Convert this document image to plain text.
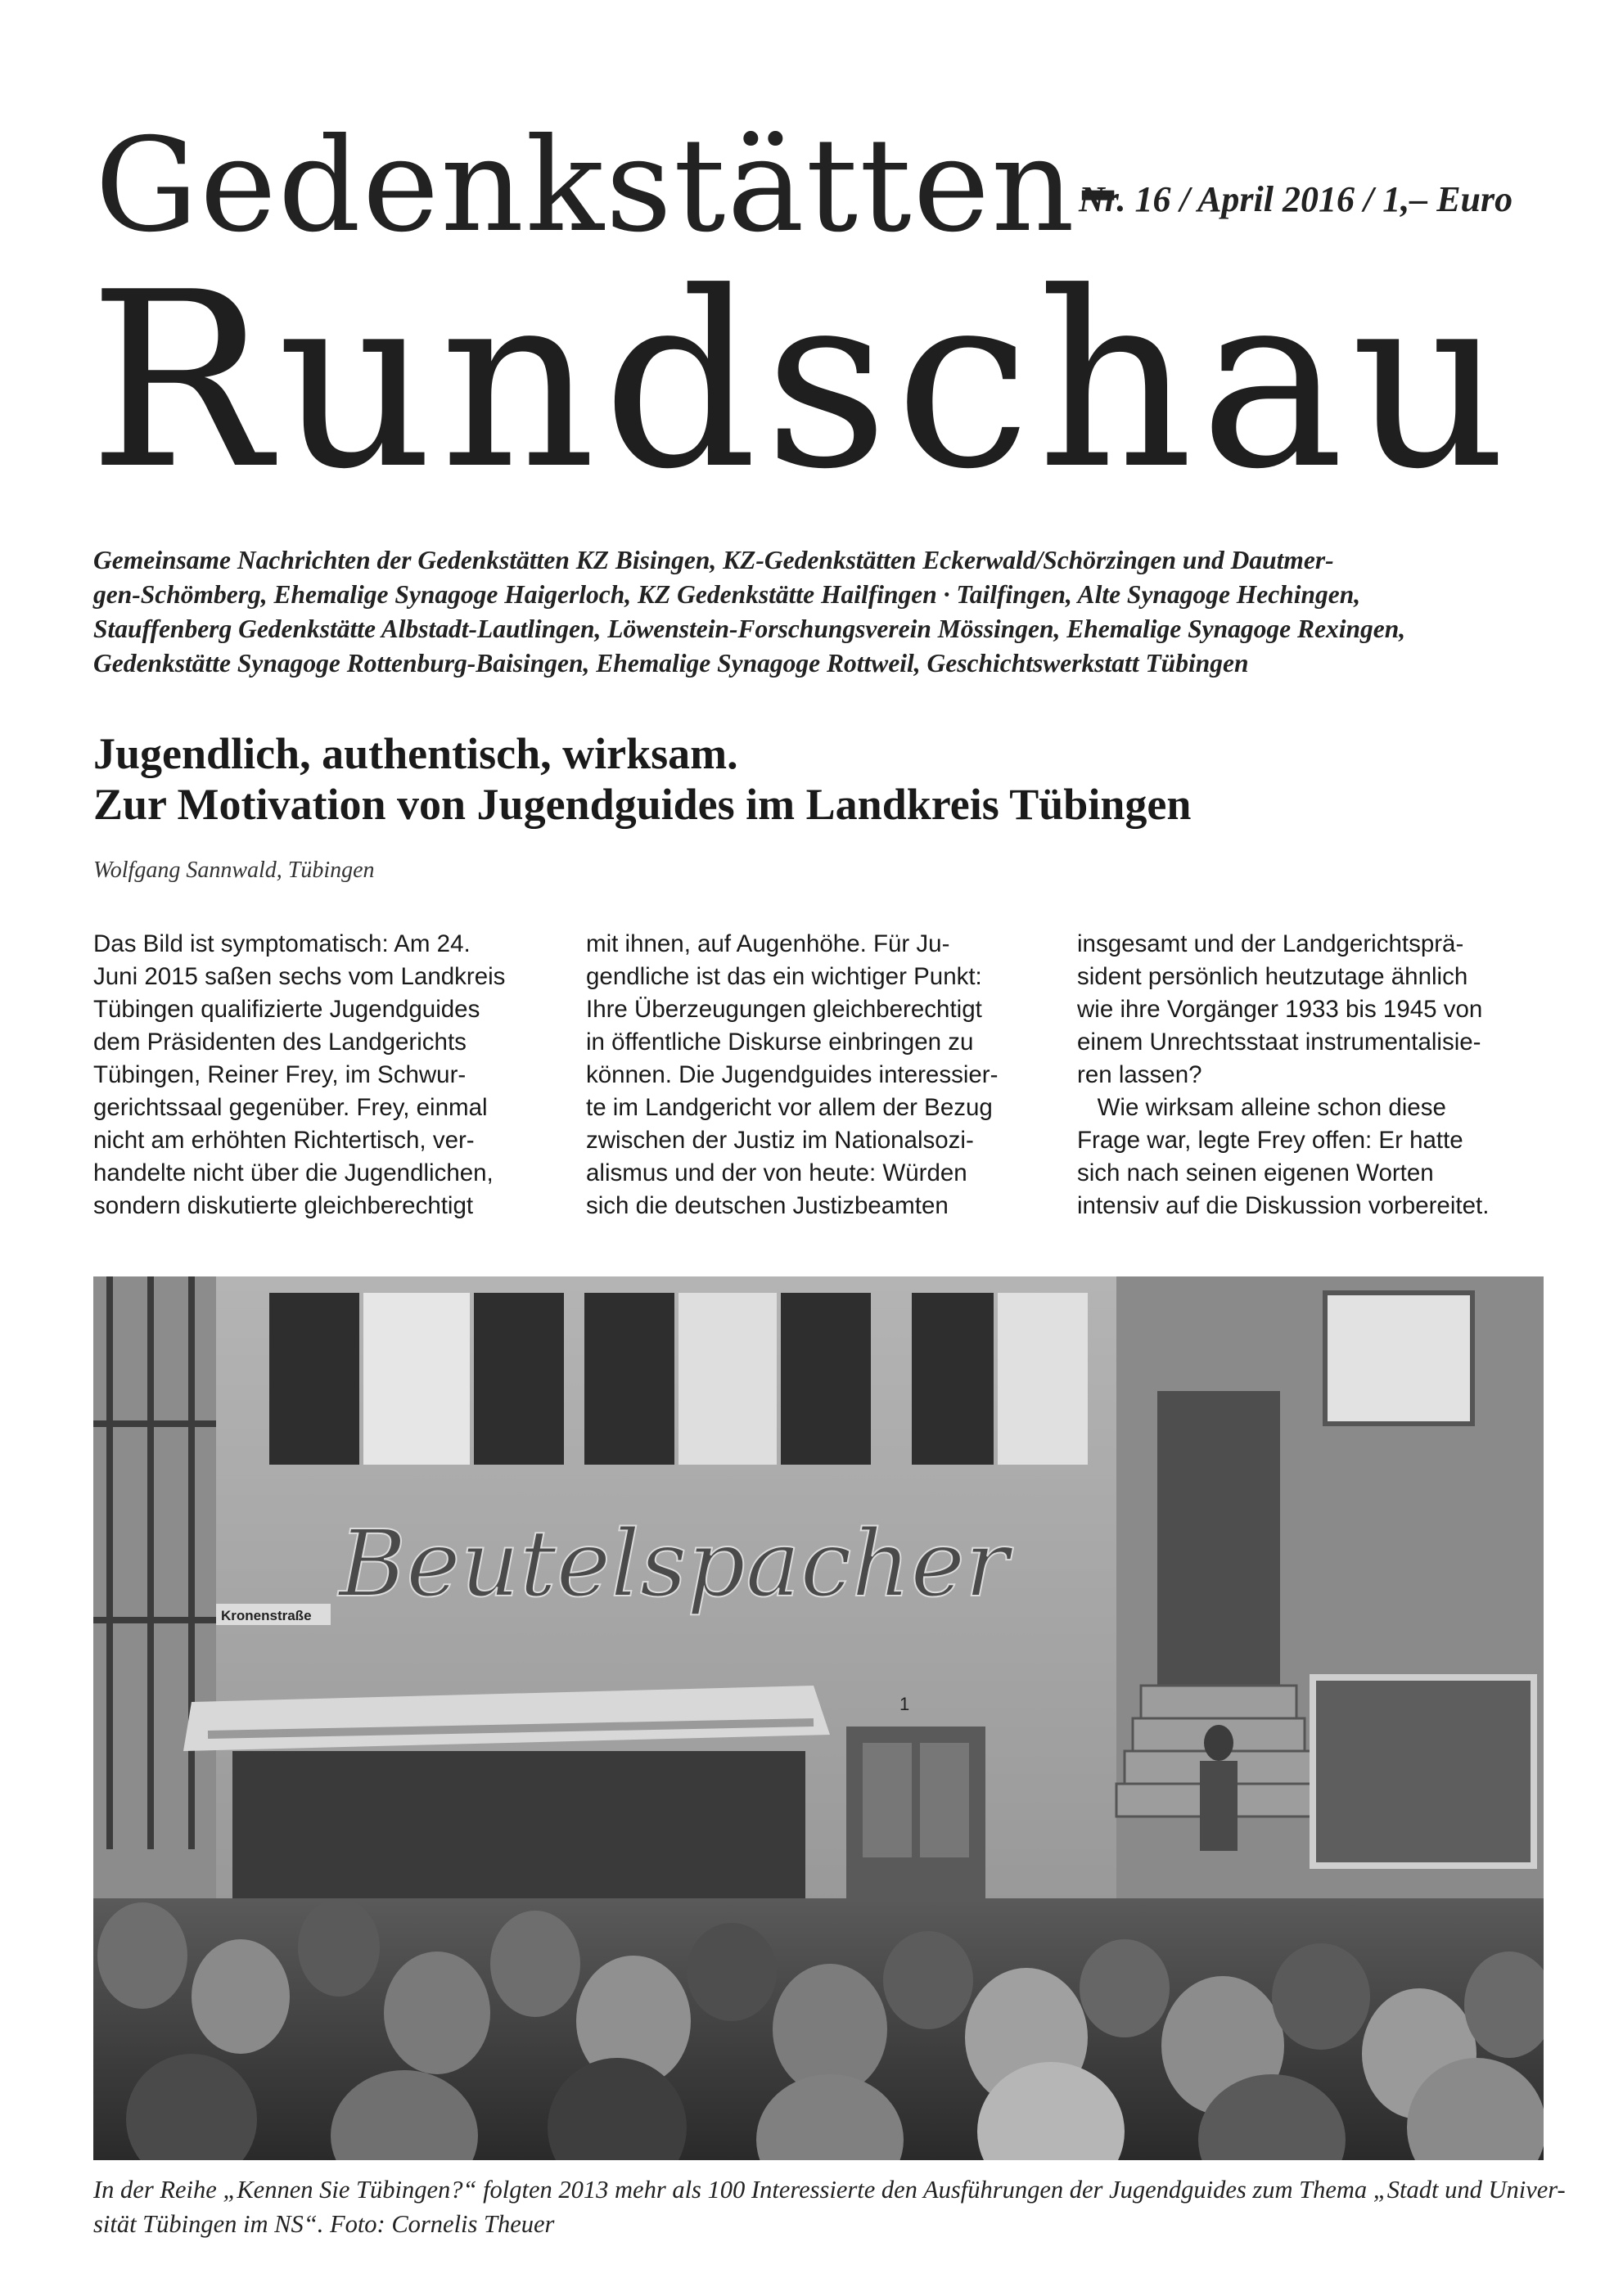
Gedenkstätten-
Nr. 16 / April 2016 / 1,– Euro
Rundschau
Gemeinsame Nachrichten der Gedenkstätten KZ Bisingen, KZ-Gedenkstätten Eckerwald/Schörzingen und Dautmer-
gen-Schömberg, Ehemalige Synagoge Haigerloch, KZ Gedenkstätte Hailfingen · Tailfingen, Alte Synagoge Hechingen,
Stauffenberg Gedenkstätte Albstadt-Lautlingen, Löwenstein-Forschungsverein Mössingen, Ehemalige Synagoge Rexingen,
Gedenkstätte Synagoge Rottenburg-Baisingen, Ehemalige Synagoge Rottweil, Geschichtswerkstatt Tübingen
Jugendlich, authentisch, wirksam.
Zur Motivation von Jugendguides im Landkreis Tübingen
Wolfgang Sannwald, Tübingen
Das Bild ist symptomatisch: Am 24.
Juni 2015 saßen sechs vom Landkreis
Tübingen qualifizierte Jugendguides
dem Präsidenten des Landgerichts
Tübingen, Reiner Frey, im Schwur-
gerichtssaal gegenüber. Frey, einmal
nicht am erhöhten Richtertisch, ver-
handelte nicht über die Jugendlichen,
sondern diskutierte gleichberechtigt
mit ihnen, auf Augenhöhe. Für Ju-
gendliche ist das ein wichtiger Punkt:
Ihre Überzeugungen gleichberechtigt
in öffentliche Diskurse einbringen zu
können. Die Jugendguides interessier-
te im Landgericht vor allem der Bezug
zwischen der Justiz im Nationalsozi-
alismus und der von heute: Würden
sich die deutschen Justizbeamten
insgesamt und der Landgerichtsprä-
sident persönlich heutzutage ähnlich
wie ihre Vorgänger 1933 bis 1945 von
einem Unrechtsstaat instrumentalisie-
ren lassen?
Wie wirksam alleine schon diese
Frage war, legte Frey offen: Er hatte
sich nach seinen eigenen Worten
intensiv auf die Diskussion vorbereitet.
Beutelspacher
Kronenstraße
1
In der Reihe „Kennen Sie Tübingen?“ folgten 2013 mehr als 100 Interessierte den Ausführungen der Jugendguides zum Thema „Stadt und Univer-
sität Tübingen im NS“. Foto: Cornelis Theuer
